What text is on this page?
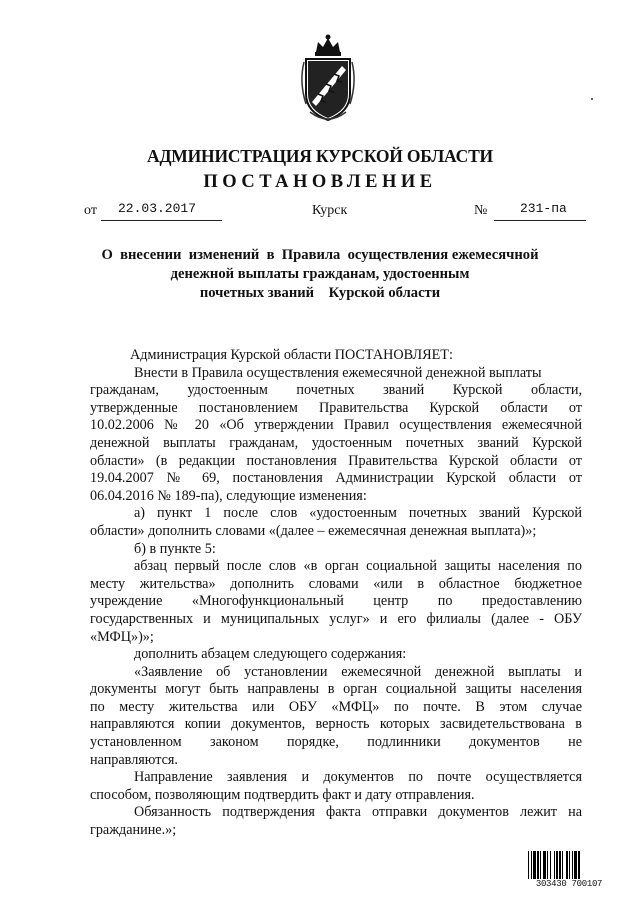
АДМИНИСТРАЦИЯ КУРСКОЙ ОБЛАСТИ
ПОСТАНОВЛЕНИЕ
от 22.03.2017	Курск	№	231-па
О  внесении  изменений  в  Правила  осуществления ежемесячной
денежной выплаты гражданам, удостоенным
почетных званий    Курской области
Администрация Курской области ПОСТАНОВЛЯЕТ:
Внести в Правила осуществления ежемесячной денежной выплаты
гражданам, удостоенным почетных званий Курской области,
утвержденные постановлением Правительства Курской области от
10.02.2006 № 20 «Об утверждении Правил осуществления ежемесячной
денежной выплаты гражданам, удостоенным почетных званий Курской
области» (в редакции постановления Правительства Курской области от
19.04.2007 № 69, постановления Администрации Курской области от
06.04.2016 № 189-па), следующие изменения:
а) пункт 1 после слов «удостоенным почетных званий Курской
области» дополнить словами «(далее – ежемесячная денежная выплата)»;
б) в пункте 5:
абзац первый после слов «в орган социальной защиты населения по
месту жительства» дополнить словами «или в областное бюджетное
учреждение «Многофункциональный центр по предоставлению
государственных и муниципальных услуг» и его филиалы (далее - ОБУ
«МФЦ»)»;
дополнить абзацем следующего содержания:
«Заявление об установлении ежемесячной денежной выплаты и
документы могут быть направлены в орган социальной защиты населения
по месту жительства или ОБУ «МФЦ» по почте. В этом случае
направляются копии документов, верность которых засвидетельствована в
установленном законом порядке, подлинники документов не
направляются.
Направление заявления и документов по почте осуществляется
способом, позволяющим подтвердить факт и дату отправления.
Обязанность подтверждения факта отправки документов лежит на
гражданине.»;
303430 700107
